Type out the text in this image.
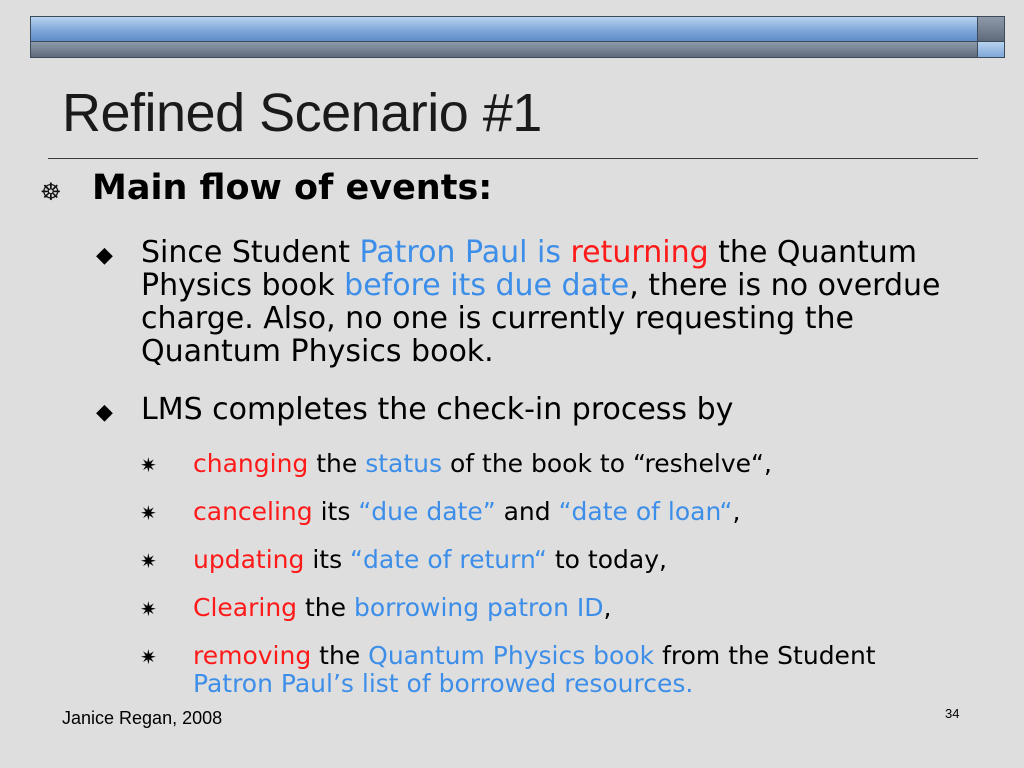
Refined Scenario #1
☸ Main flow of events:
◆ Since Student Patron Paul is returning the Quantum Physics book before its due date, there is no overdue charge. Also, no one is currently requesting the Quantum Physics book.
◆ LMS completes the check-in process by
✷ changing the status of the book to “reshelve“,
✷ canceling its “due date” and “date of loan“,
✷ updating its “date of return“ to today,
✷ Clearing the borrowing patron ID,
✷ removing the Quantum Physics book from the Student
Patron Paul’s list of borrowed resources.
Janice Regan, 2008	34
